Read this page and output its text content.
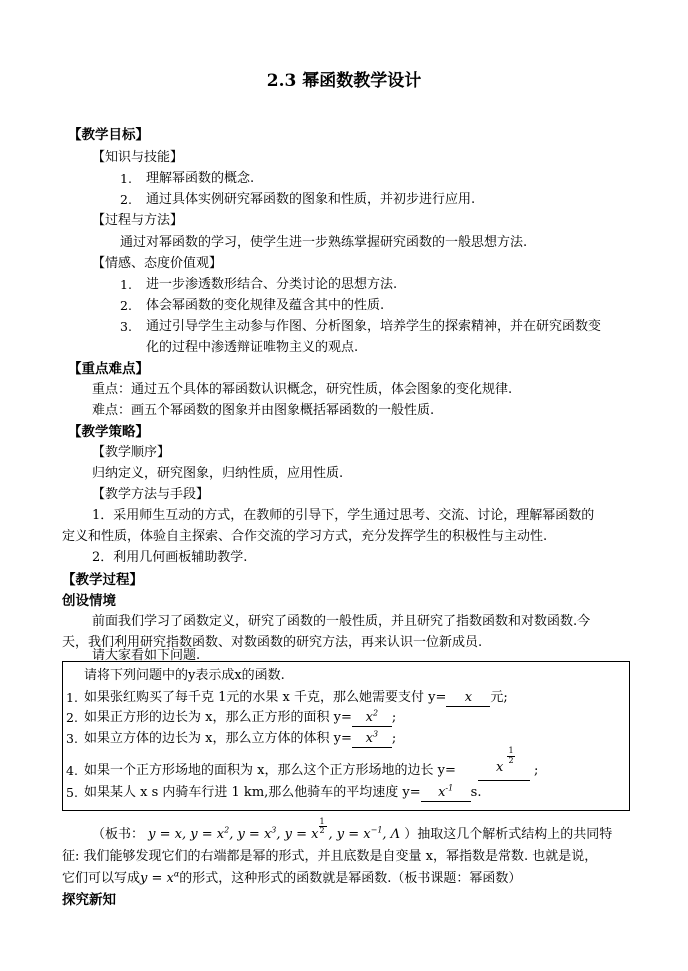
2.3 幂函数教学设计
【教学目标】
【知识与技能】
1. 理解幂函数的概念.
2. 通过具体实例研究幂函数的图象和性质，并初步进行应用.
【过程与方法】
通过对幂函数的学习，使学生进一步熟练掌握研究函数的一般思想方法.
【情感、态度价值观】
1. 进一步渗透数形结合、分类讨论的思想方法.
2. 体会幂函数的变化规律及蕴含其中的性质.
3. 通过引导学生主动参与作图、分析图象，培养学生的探索精神，并在研究函数变
化的过程中渗透辩证唯物主义的观点.
【重点难点】
重点：通过五个具体的幂函数认识概念，研究性质，体会图象的变化规律.
难点：画五个幂函数的图象并由图象概括幂函数的一般性质.
【教学策略】
【教学顺序】
归纳定义，研究图象，归纳性质，应用性质.
【教学方法与手段】
1．采用师生互动的方式，在教师的引导下，学生通过思考、交流、讨论，理解幂函数的
定义和性质，体验自主探索、合作交流的学习方式，充分发挥学生的积极性与主动性.
2．利用几何画板辅助教学.
【教学过程】
创设情境
前面我们学习了函数定义，研究了函数的一般性质，并且研究了指数函数和对数函数.今
天，我们利用研究指数函数、对数函数的研究方法，再来认识一位新成员.
请大家看如下问题.
请将下列问题中的y表示成x的函数.
1. 如果张红购买了每千克 1元的水果 x 千克，那么她需要支付 y= x 元;
2. 如果正方形的边长为 x，那么正方形的面积 $y= x^2$ ;
3. 如果立方体的边长为 x，那么立方体的体积 $y= x^3$ ;
4. 如果一个正方形场地的面积为 x，那么这个正方形场地的边长 y=	x
1
2
;
5. 如果某人 x s 内骑车行进 1 km,那么他骑车的平均速度 $y= x^{-1}$ s.
（板书： y = x, $y = x^2$, $y = x^3$, y = x
$\frac{1}{2}$
, $y = x^{-1}$, Λ ）抽取这几个解析式结构上的共同特
征: 我们能够发现它们的右端都是幂的形式，并且底数是自变量 x，幂指数是常数. 也就是说，
它们可以写成$y = x^\alpha$的形式，这种形式的函数就是幂函数.（板书课题：幂函数）
探究新知
